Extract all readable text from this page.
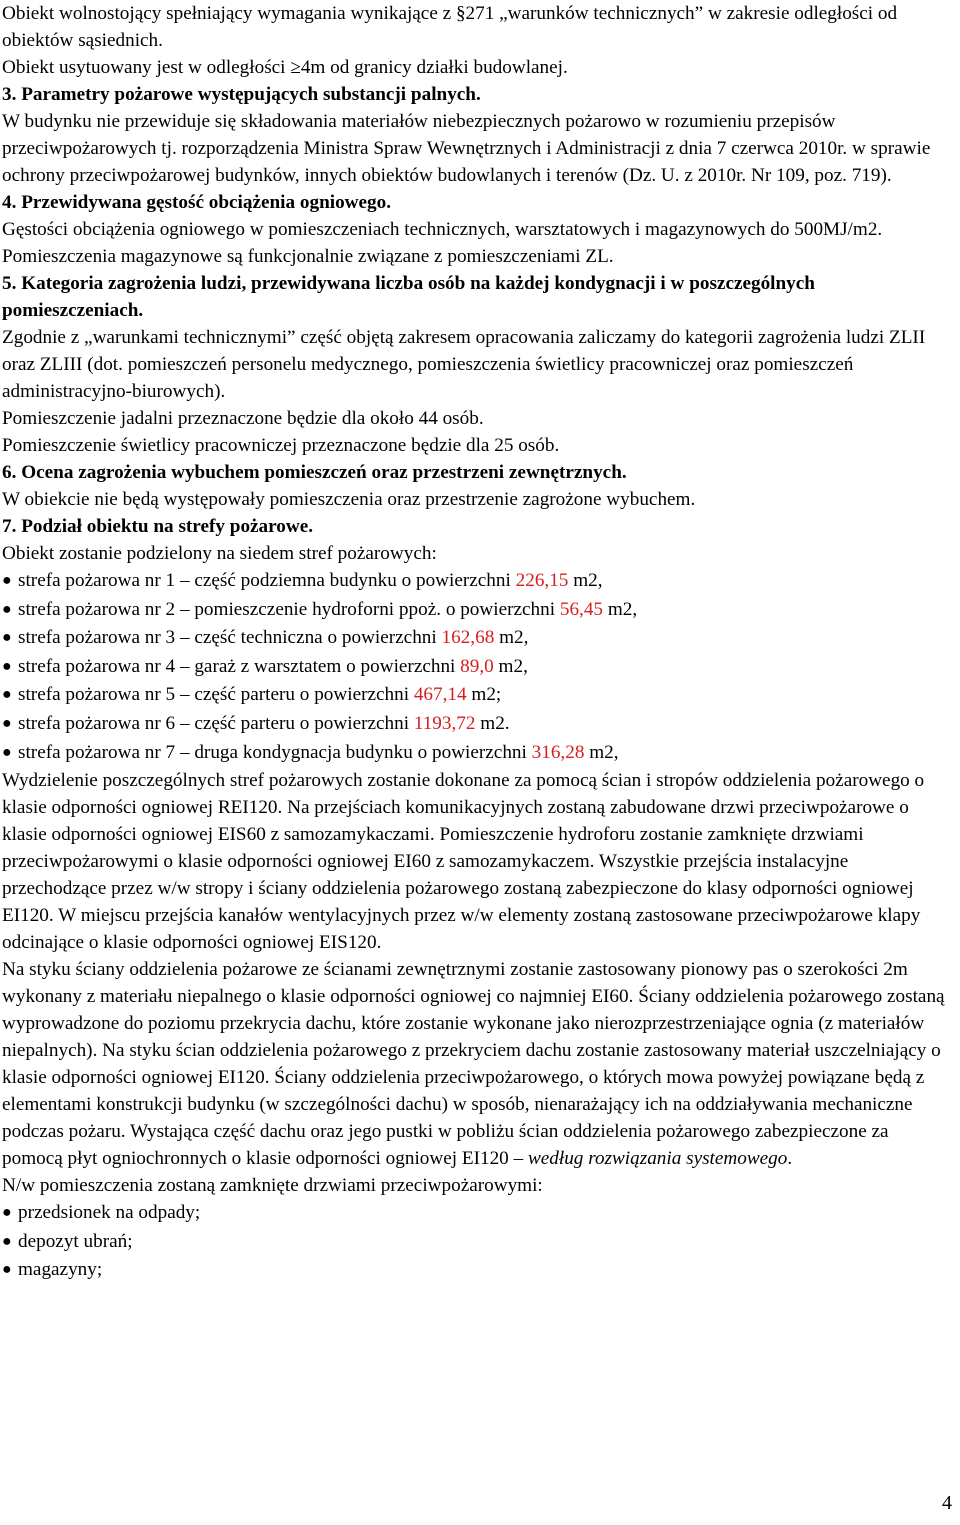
Obiekt wolnostojący spełniający wymagania wynikające z §271 „warunków technicznych” w zakresie odległości od obiektów sąsiednich.

Obiekt usytuowany jest w odległości ≥4m od granicy działki budowlanej.

3. Parametry pożarowe występujących substancji palnych.

W budynku nie przewiduje się składowania materiałów niebezpiecznych pożarowo w rozumieniu przepisów przeciwpożarowych tj. rozporządzenia Ministra Spraw Wewnętrznych i Administracji z dnia 7 czerwca 2010r. w sprawie ochrony przeciwpożarowej budynków, innych obiektów budowlanych i terenów (Dz. U. z 2010r. Nr 109, poz. 719).

4. Przewidywana gęstość obciążenia ogniowego.

Gęstości obciążenia ogniowego w pomieszczeniach technicznych, warsztatowych i magazynowych do 500MJ/m2.

Pomieszczenia magazynowe są funkcjonalnie związane z pomieszczeniami ZL.

5. Kategoria zagrożenia ludzi, przewidywana liczba osób na każdej kondygnacji i w poszczególnych pomieszczeniach.

Zgodnie z „warunkami technicznymi” część objętą zakresem opracowania zaliczamy do kategorii zagrożenia ludzi ZLII oraz ZLIII (dot. pomieszczeń personelu medycznego, pomieszczenia świetlicy pracowniczej oraz pomieszczeń administracyjno-biurowych).

Pomieszczenie jadalni przeznaczone będzie dla około 44 osób.

Pomieszczenie świetlicy pracowniczej przeznaczone będzie dla 25 osób.

6. Ocena zagrożenia wybuchem pomieszczeń oraz przestrzeni zewnętrznych.

W obiekcie nie będą występowały pomieszczenia oraz przestrzenie zagrożone wybuchem.

7. Podział obiektu na strefy pożarowe.

Obiekt zostanie podzielony na siedem stref pożarowych:

● strefa pożarowa nr 1 – część podziemna budynku o powierzchni 226,15 m2,
● strefa pożarowa nr 2 – pomieszczenie hydroforni ppoż. o powierzchni 56,45 m2,
● strefa pożarowa nr 3 – część techniczna o powierzchni 162,68 m2,
● strefa pożarowa nr 4 – garaż z warsztatem o powierzchni 89,0 m2,
● strefa pożarowa nr 5 – część parteru o powierzchni 467,14 m2;
● strefa pożarowa nr 6 – część parteru o powierzchni 1193,72 m2.
● strefa pożarowa nr 7 – druga kondygnacja budynku o powierzchni 316,28 m2,

Wydzielenie poszczególnych stref pożarowych zostanie dokonane za pomocą ścian i stropów oddzielenia pożarowego o klasie odporności ogniowej REI120. Na przejściach komunikacyjnych zostaną zabudowane drzwi przeciwpożarowe o klasie odporności ogniowej EIS60 z samozamykaczami. Pomieszczenie hydroforu zostanie zamknięte drzwiami przeciwpożarowymi o klasie odporności ogniowej EI60 z samozamykaczem. Wszystkie przejścia instalacyjne przechodzące przez w/w stropy i ściany oddzielenia pożarowego zostaną zabezpieczone do klasy odporności ogniowej EI120. W miejscu przejścia kanałów wentylacyjnych przez w/w elementy zostaną zastosowane przeciwpożarowe klapy odcinające o klasie odporności ogniowej EIS120.

Na styku ściany oddzielenia pożarowe ze ścianami zewnętrznymi zostanie zastosowany pionowy pas o szerokości 2m wykonany z materiału niepalnego o klasie odporności ogniowej co najmniej EI60. Ściany oddzielenia pożarowego zostaną wyprowadzone do poziomu przekrycia dachu, które zostanie wykonane jako nierozprzestrzeniające ognia (z materiałów niepalnych). Na styku ścian oddzielenia pożarowego z przekryciem dachu zostanie zastosowany materiał uszczelniający o klasie odporności ogniowej EI120. Ściany oddzielenia przeciwpożarowego, o których mowa powyżej powiązane będą z elementami konstrukcji budynku (w szczególności dachu) w sposób, nienarażający ich na oddziaływania mechaniczne podczas pożaru. Wystająca część dachu oraz jego pustki w pobliżu ścian oddzielenia pożarowego zabezpieczone za pomocą płyt ogniochronnych o klasie odporności ogniowej EI120 – według rozwiązania systemowego.

N/w pomieszczenia zostaną zamknięte drzwiami przeciwpożarowymi:

● przedsionek na odpady;
● depozyt ubrań;
● magazyny;
4
